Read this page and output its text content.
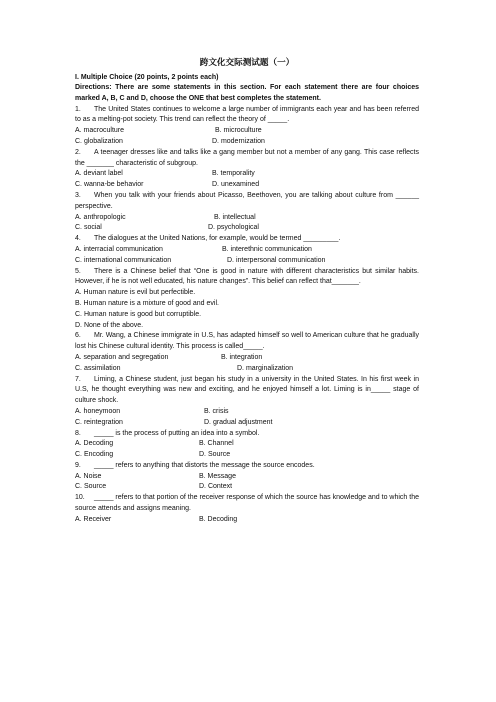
跨文化交际测试题（一）
I. Multiple Choice (20 points, 2 points each)
Directions: There are some statements in this section. For each statement there are four choices marked A, B, C and D, choose the ONE that best completes the statement.
1. The United States continues to welcome a large number of immigrants each year and has been referred to as a melting-pot society. This trend can reflect the theory of _____.
A. macroculture	B. microculture
C. globalization	D. modernization
2. A teenager dresses like and talks like a gang member but not a member of any gang. This case reflects the _______ characteristic of subgroup.
A. deviant label	B. temporality
C. wanna-be behavior	D. unexamined
3. When you talk with your friends about Picasso, Beethoven, you are talking about culture from ______ perspective.
A. anthropologic	B. intellectual
C. social	D. psychological
4. The dialogues at the United Nations, for example, would be termed _________.
A. interracial communication	B. interethnic communication
C. international communication	D. interpersonal communication
5. There is a Chinese belief that “One is good in nature with different characteristics but similar habits. However, if he is not well educated, his nature changes”. This belief can reflect that_______.
A. Human nature is evil but perfectible.
B. Human nature is a mixture of good and evil.
C. Human nature is good but corruptible.
D. None of the above.
6. Mr. Wang, a Chinese immigrate in U.S, has adapted himself so well to American culture that he gradually lost his Chinese cultural identity. This process is called_____.
A. separation and segregation	B. integration
C. assimilation	D. marginalization
7. Liming, a Chinese student, just began his study in a university in the United States. In his first week in U.S, he thought everything was new and exciting, and he enjoyed himself a lot. Liming is in_____ stage of culture shock.
A. honeymoon	B. crisis
C. reintegration	D. gradual adjustment
8. _____ is the process of putting an idea into a symbol.
A. Decoding	B. Channel
C. Encoding	D. Source
9. _____ refers to anything that distorts the message the source encodes.
A. Noise	B. Message
C. Source	D. Context
10. _____ refers to that portion of the receiver response of which the source has knowledge and to which the source attends and assigns meaning.
A. Receiver	B. Decoding
